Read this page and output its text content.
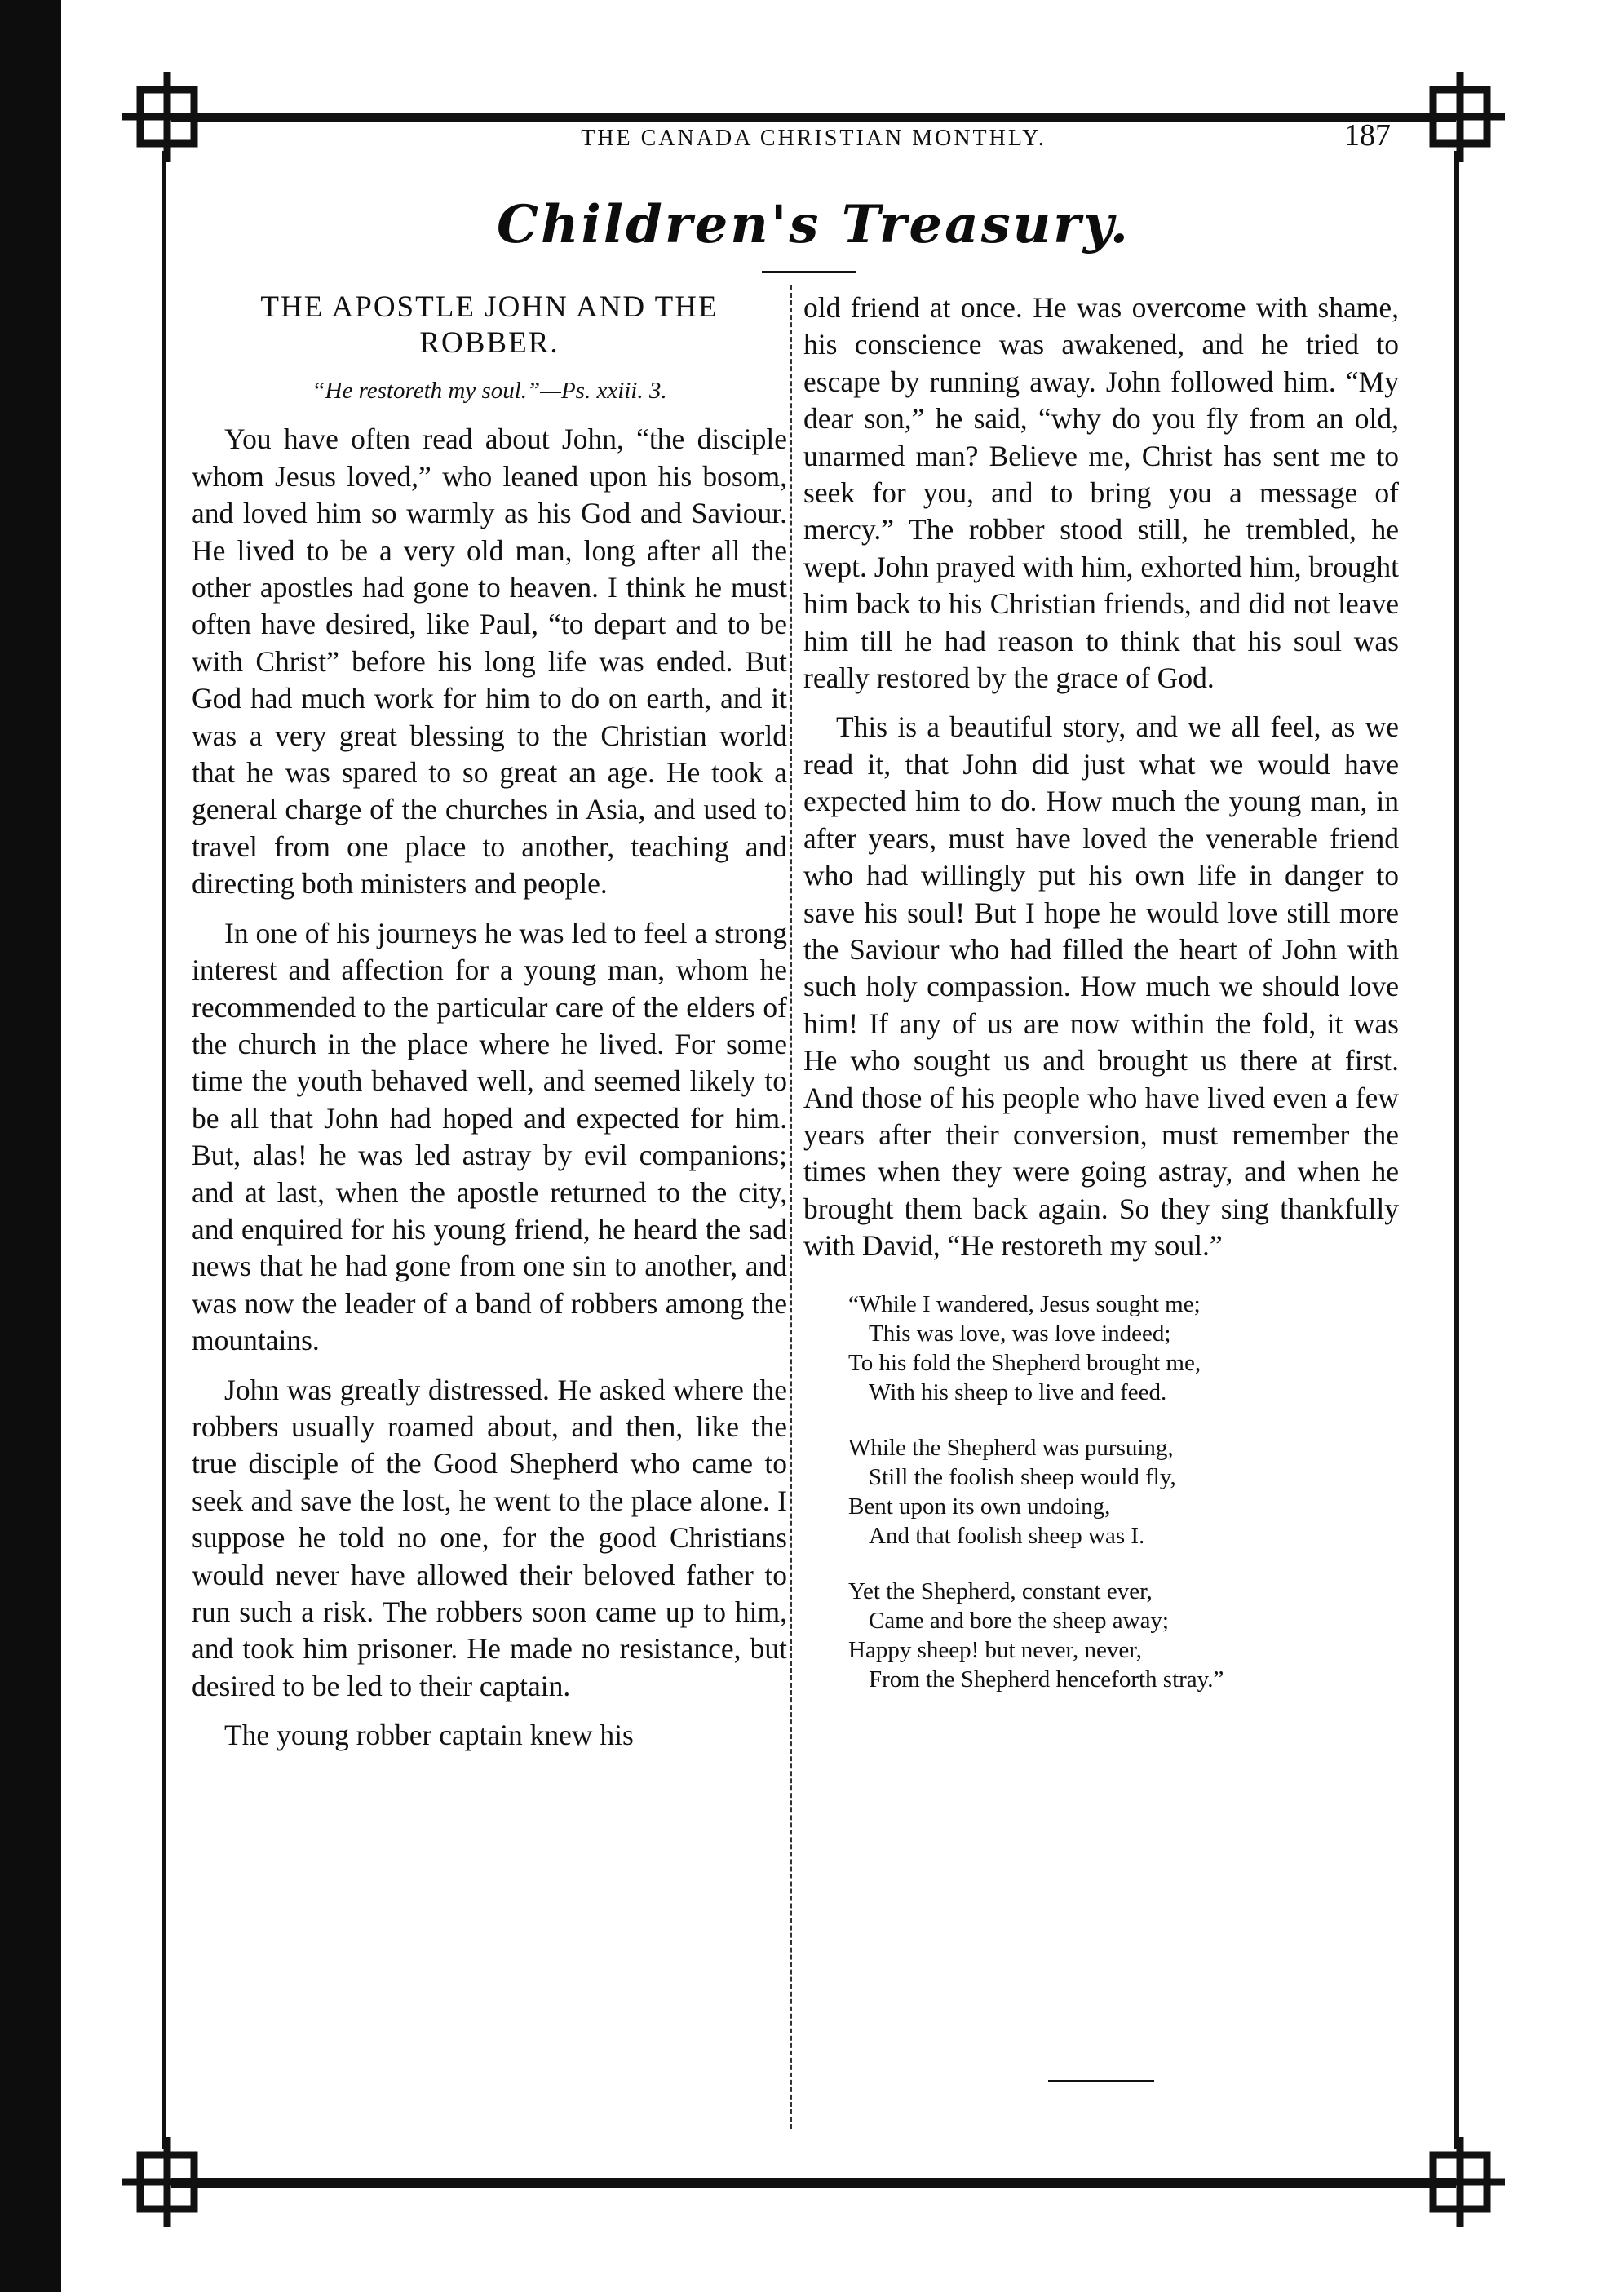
THE CANADA CHRISTIAN MONTHLY.	187
Children's Treasury.
THE APOSTLE JOHN AND THE ROBBER.
“He restoreth my soul.”—Ps. xxiii. 3.

You have often read about John, “the disciple whom Jesus loved,” who leaned upon his bosom, and loved him so warmly as his God and Saviour. He lived to be a very old man, long after all the other apostles had gone to heaven. I think he must often have desired, like Paul, “to depart and to be with Christ” before his long life was ended. But God had much work for him to do on earth, and it was a very great blessing to the Christian world that he was spared to so great an age. He took a general charge of the churches in Asia, and used to travel from one place to another, teaching and directing both ministers and people.

In one of his journeys he was led to feel a strong interest and affection for a young man, whom he recommended to the particular care of the elders of the church in the place where he lived. For some time the youth behaved well, and seemed likely to be all that John had hoped and expected for him. But, alas! he was led astray by evil companions; and at last, when the apostle returned to the city, and enquired for his young friend, he heard the sad news that he had gone from one sin to another, and was now the leader of a band of robbers among the mountains.

John was greatly distressed. He asked where the robbers usually roamed about, and then, like the true disciple of the Good Shepherd who came to seek and save the lost, he went to the place alone. I suppose he told no one, for the good Christians would never have allowed their beloved father to run such a risk. The robbers soon came up to him, and took him prisoner. He made no resistance, but desired to be led to their captain.

The young robber captain knew his

old friend at once. He was overcome with shame, his conscience was awakened, and he tried to escape by running away. John followed him. “My dear son,” he said, “why do you fly from an old, unarmed man? Believe me, Christ has sent me to seek for you, and to bring you a message of mercy.” The robber stood still, he trembled, he wept. John prayed with him, exhorted him, brought him back to his Christian friends, and did not leave him till he had reason to think that his soul was really restored by the grace of God.

This is a beautiful story, and we all feel, as we read it, that John did just what we would have expected him to do. How much the young man, in after years, must have loved the venerable friend who had willingly put his own life in danger to save his soul! But I hope he would love still more the Saviour who had filled the heart of John with such holy compassion. How much we should love him! If any of us are now within the fold, it was He who sought us and brought us there at first. And those of his people who have lived even a few years after their conversion, must remember the times when they were going astray, and when he brought them back again. So they sing thankfully with David, “He restoreth my soul.”

“While I wandered, Jesus sought me;
This was love, was love indeed;
To his fold the Shepherd brought me,
With his sheep to live and feed.
While the Shepherd was pursuing,
Still the foolish sheep would fly,
Bent upon its own undoing,
And that foolish sheep was I.
Yet the Shepherd, constant ever,
Came and bore the sheep away;
Happy sheep! but never, never,
From the Shepherd henceforth stray.”
